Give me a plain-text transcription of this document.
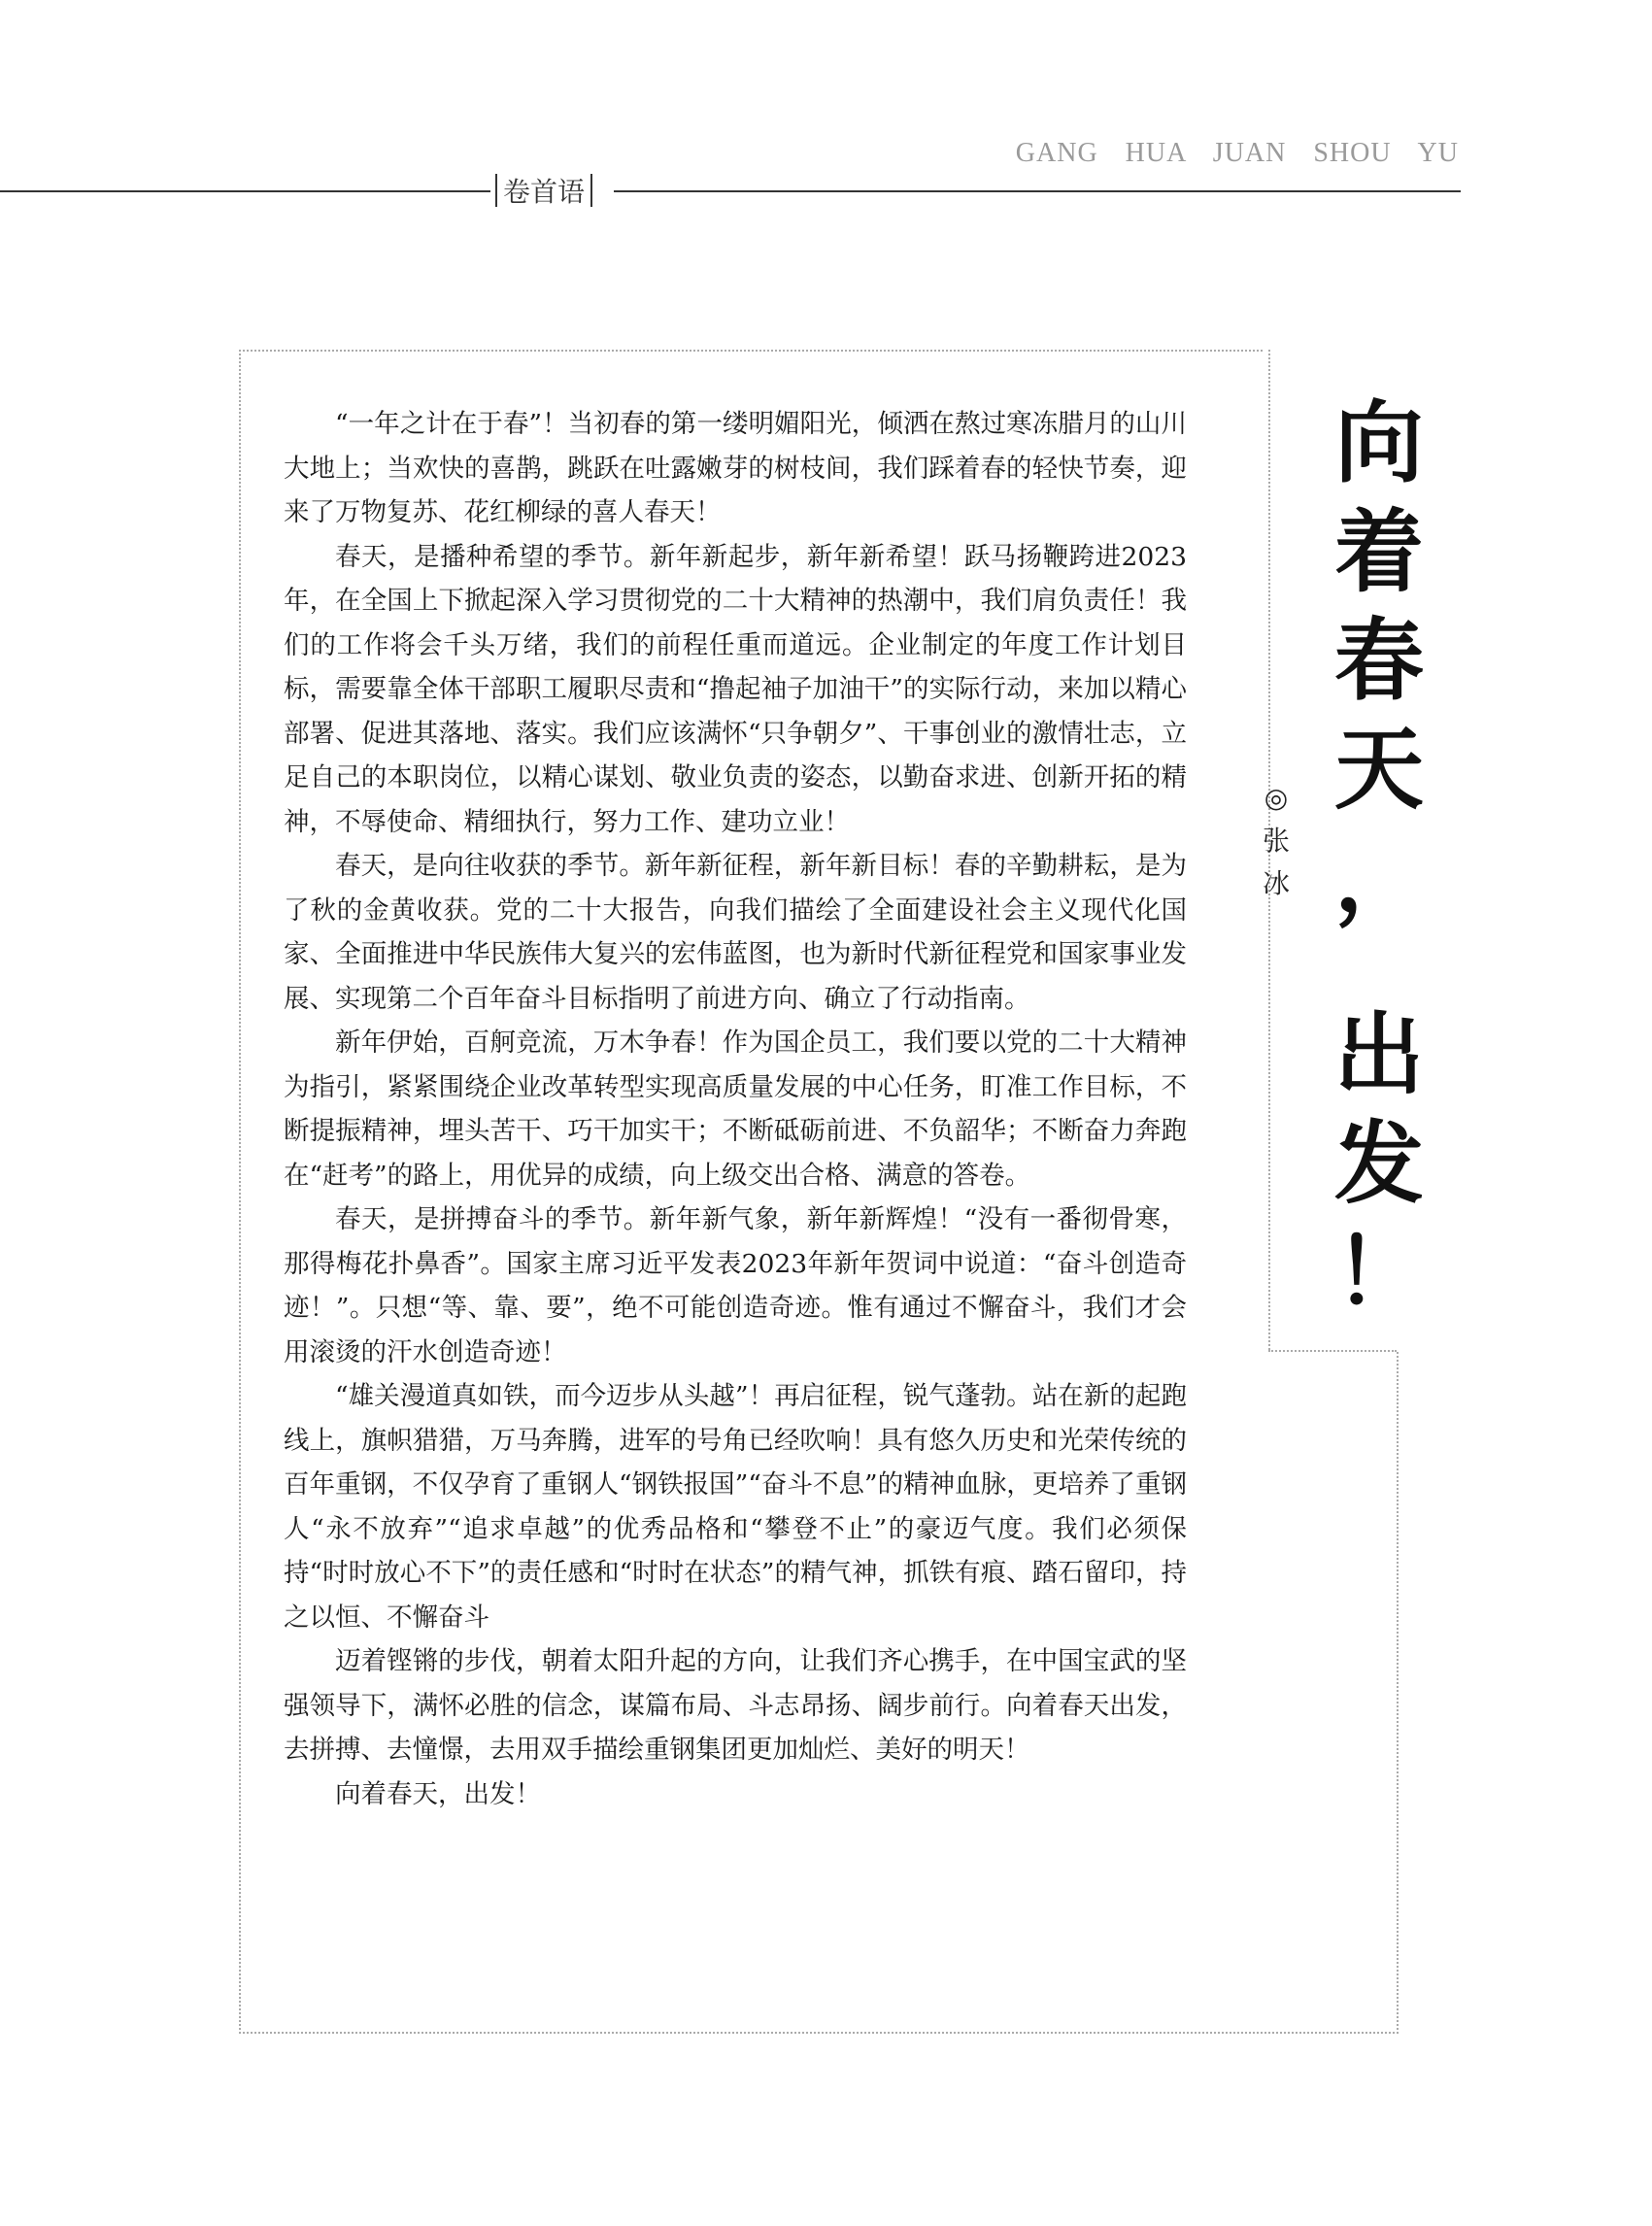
卷首语
GANG HUA JUAN SHOU YU

“一年之计在于春”！当初春的第一缕明媚阳光，倾洒在熬过寒冻腊月的山川大地上；当欢快的喜鹊，跳跃在吐露嫩芽的树枝间，我们踩着春的轻快节奏，迎来了万物复苏、花红柳绿的喜人春天！

春天，是播种希望的季节。新年新起步，新年新希望！跃马扬鞭跨进2023年，在全国上下掀起深入学习贯彻党的二十大精神的热潮中，我们肩负责任！我们的工作将会千头万绪，我们的前程任重而道远。企业制定的年度工作计划目标，需要靠全体干部职工履职尽责和“撸起袖子加油干”的实际行动，来加以精心部署、促进其落地、落实。我们应该满怀“只争朝夕”、干事创业的激情壮志，立足自己的本职岗位，以精心谋划、敬业负责的姿态，以勤奋求进、创新开拓的精神，不辱使命、精细执行，努力工作、建功立业！

春天，是向往收获的季节。新年新征程，新年新目标！春的辛勤耕耘，是为了秋的金黄收获。党的二十大报告，向我们描绘了全面建设社会主义现代化国家、全面推进中华民族伟大复兴的宏伟蓝图，也为新时代新征程党和国家事业发展、实现第二个百年奋斗目标指明了前进方向、确立了行动指南。

新年伊始，百舸竞流，万木争春！作为国企员工，我们要以党的二十大精神为指引，紧紧围绕企业改革转型实现高质量发展的中心任务，盯准工作目标，不断提振精神，埋头苦干、巧干加实干；不断砥砺前进、不负韶华；不断奋力奔跑在“赶考”的路上，用优异的成绩，向上级交出合格、满意的答卷。

春天，是拼搏奋斗的季节。新年新气象，新年新辉煌！“没有一番彻骨寒，那得梅花扑鼻香”。国家主席习近平发表2023年新年贺词中说道：“奋斗创造奇迹！”。只想“等、靠、要”，绝不可能创造奇迹。惟有通过不懈奋斗，我们才会用滚烫的汗水创造奇迹！

“雄关漫道真如铁，而今迈步从头越”！再启征程，锐气蓬勃。站在新的起跑线上，旗帜猎猎，万马奔腾，进军的号角已经吹响！具有悠久历史和光荣传统的百年重钢，不仅孕育了重钢人“钢铁报国”“奋斗不息”的精神血脉，更培养了重钢人“永不放弃”“追求卓越”的优秀品格和“攀登不止”的豪迈气度。我们必须保持“时时放心不下”的责任感和“时时在状态”的精气神，抓铁有痕、踏石留印，持之以恒、不懈奋斗

迈着铿锵的步伐，朝着太阳升起的方向，让我们齐心携手，在中国宝武的坚强领导下，满怀必胜的信念，谋篇布局、斗志昂扬、阔步前行。向着春天出发，去拼搏、去憧憬，去用双手描绘重钢集团更加灿烂、美好的明天！

向着春天，出发！

向
着
春
天
，
出
发
！
◎
张
冰
